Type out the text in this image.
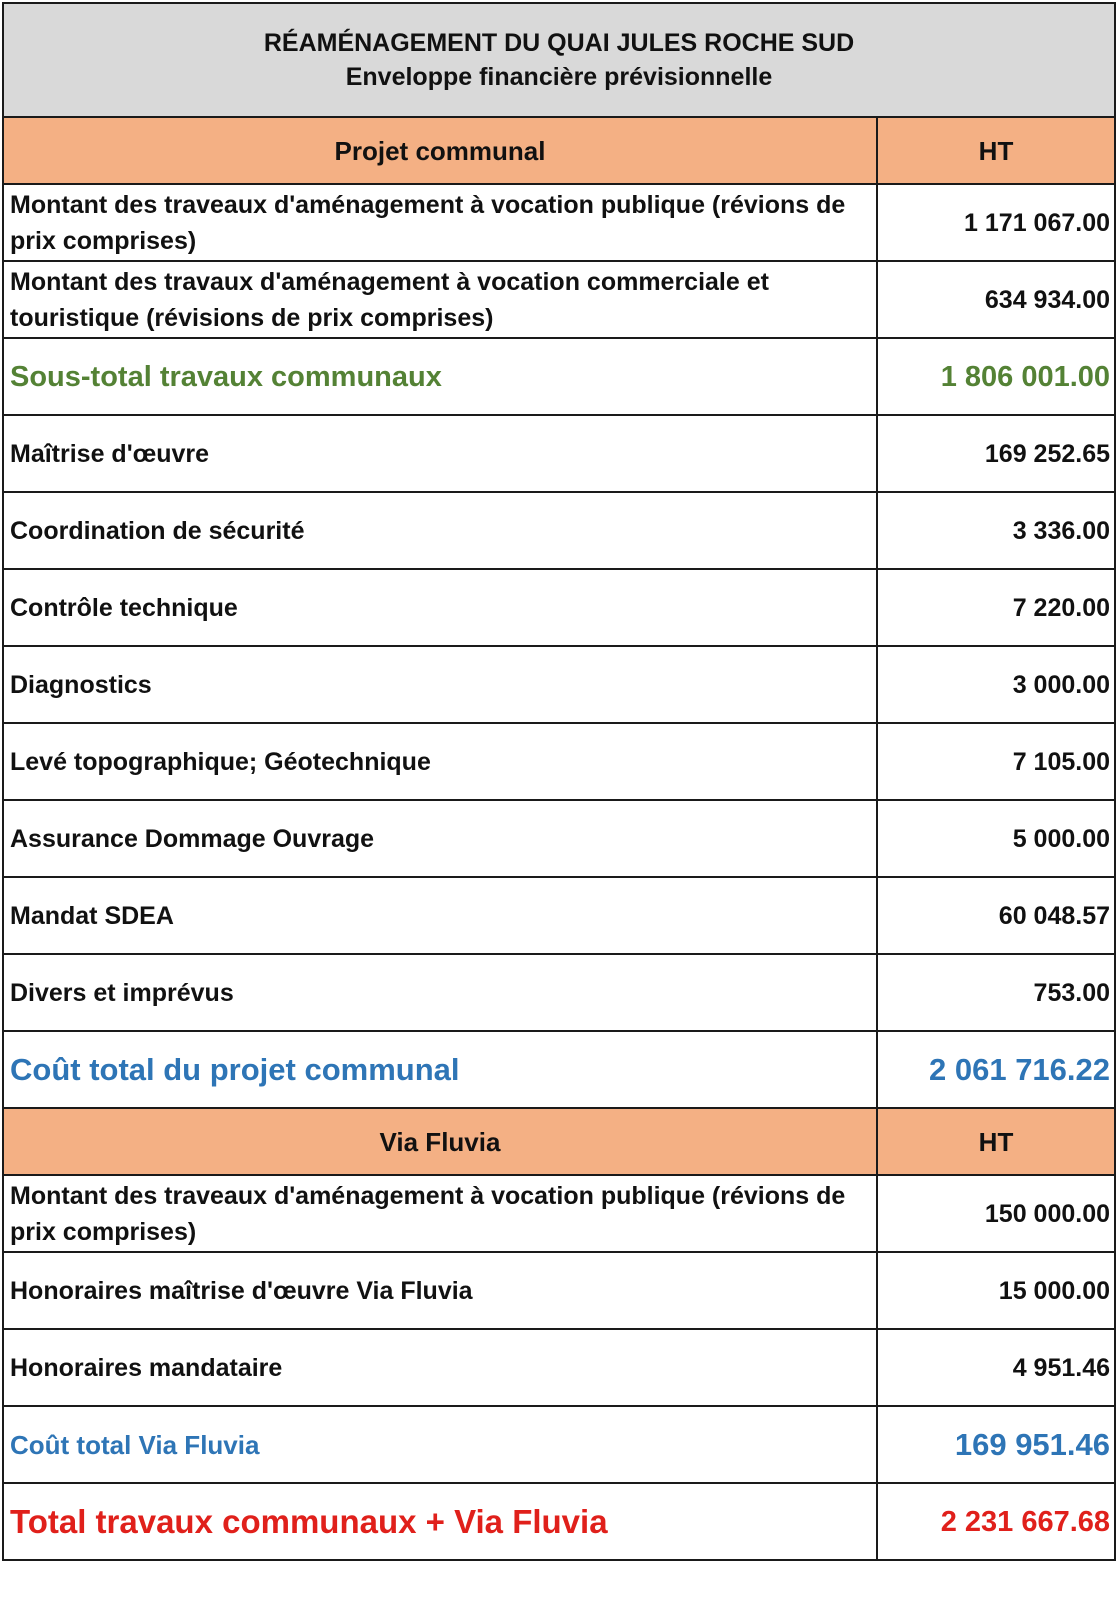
RÉAMÉNAGEMENT DU QUAI JULES ROCHE SUD
Enveloppe financière prévisionnelle	

Projet communal	HT
Montant des traveaux d'aménagement à vocation publique (révions de prix comprises)	1 171 067.00
Montant des travaux d'aménagement à vocation commerciale et touristique (révisions de prix comprises)	634 934.00
Sous-total travaux communaux	1 806 001.00
Maîtrise d'œuvre	169 252.65
Coordination de sécurité	3 336.00
Contrôle technique	7 220.00
Diagnostics	3 000.00
Levé topographique; Géotechnique	7 105.00
Assurance Dommage Ouvrage	5 000.00
Mandat SDEA	60 048.57
Divers et imprévus	753.00
Coût total du projet communal	2 061 716.22
Via Fluvia	HT
Montant des traveaux d'aménagement à vocation publique (révions de prix comprises)	150 000.00
Honoraires maîtrise d'œuvre Via Fluvia	15 000.00
Honoraires mandataire	4 951.46
Coût total Via Fluvia	169 951.46
Total travaux communaux + Via Fluvia	2 231 667.68
